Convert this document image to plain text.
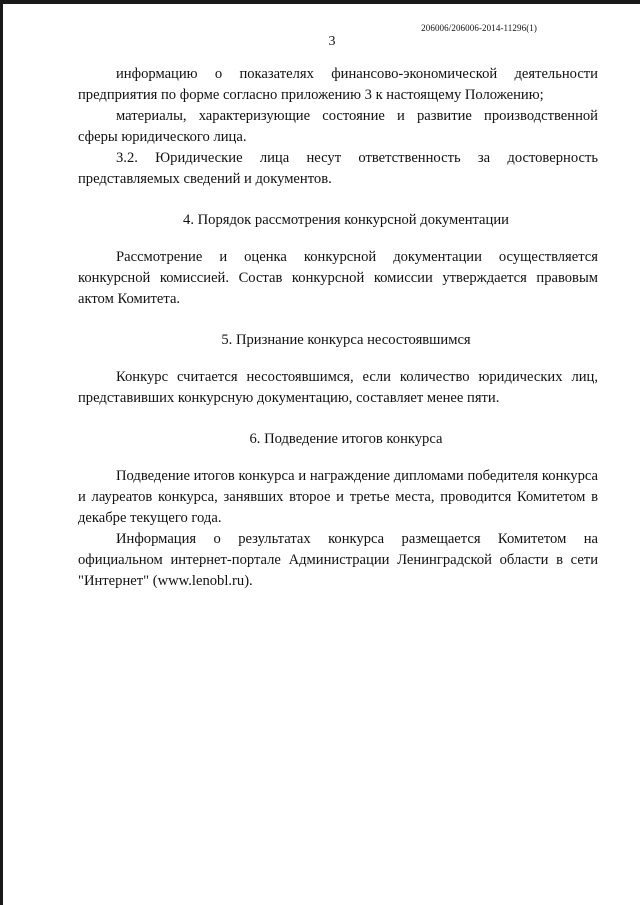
206006/206006-2014-11296(1)
3

информацию о показателях финансово-экономической деятельности предприятия по форме согласно приложению 3 к настоящему Положению;

материалы, характеризующие состояние и развитие производственной сферы юридического лица.

3.2. Юридические лица несут ответственность за достоверность представляемых сведений и документов.

4. Порядок рассмотрения конкурсной документации

Рассмотрение и оценка конкурсной документации осуществляется конкурсной комиссией. Состав конкурсной комиссии утверждается правовым актом Комитета.

5. Признание конкурса несостоявшимся

Конкурс считается несостоявшимся, если количество юридических лиц, представивших конкурсную документацию, составляет менее пяти.

6. Подведение итогов конкурса

Подведение итогов конкурса и награждение дипломами победителя конкурса и лауреатов конкурса, занявших второе и третье места, проводится Комитетом в декабре текущего года.

Информация о результатах конкурса размещается Комитетом на официальном интернет-портале Администрации Ленинградской области в сети "Интернет" (www.lenobl.ru).
